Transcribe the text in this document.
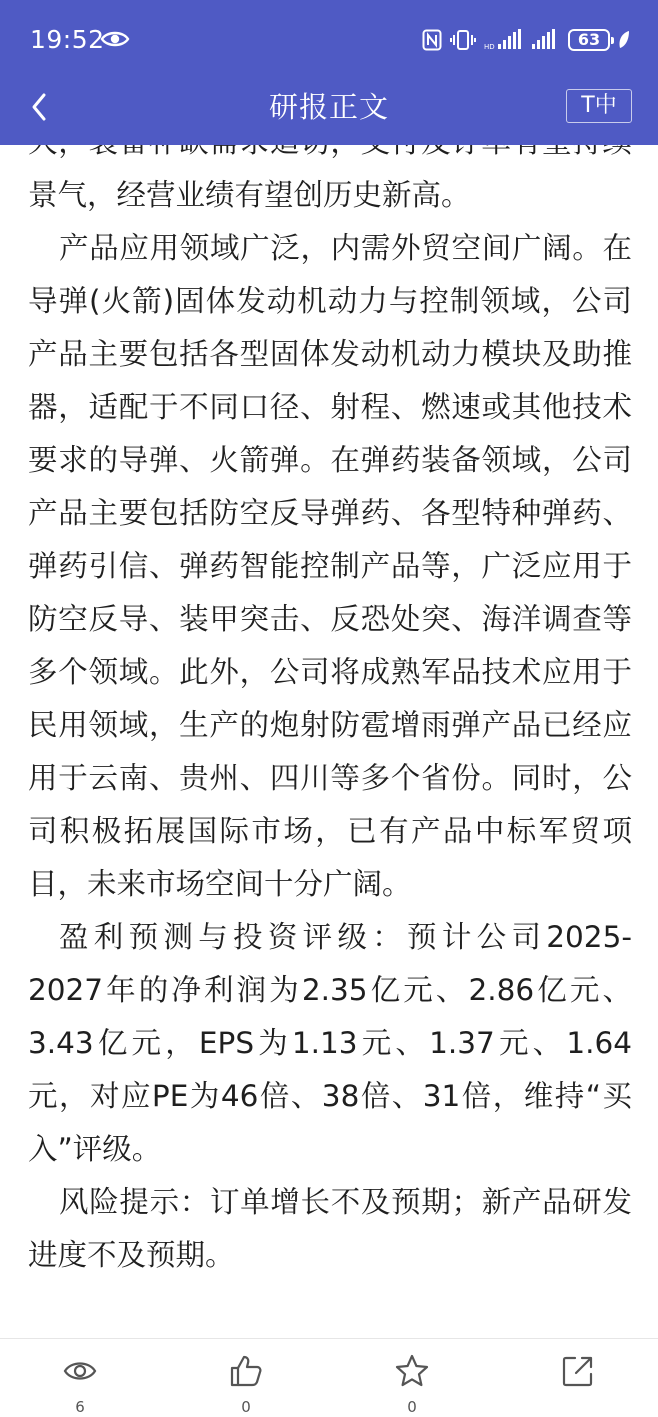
19:52	HD	63
研报正文	T中

景气，经营业绩有望创历史新高。

产品应用领域广泛，内需外贸空间广阔。在导弹(火箭)固体发动机动力与控制领域，公司产品主要包括各型固体发动机动力模块及助推器，适配于不同口径、射程、燃速或其他技术要求的导弹、火箭弹。在弹药装备领域，公司产品主要包括防空反导弹药、各型特种弹药、弹药引信、弹药智能控制产品等，广泛应用于防空反导、装甲突击、反恐处突、海洋调查等多个领域。此外，公司将成熟军品技术应用于民用领域，生产的炮射防雹增雨弹产品已经应用于云南、贵州、四川等多个省份。同时，公司积极拓展国际市场，已有产品中标军贸项目，未来市场空间十分广阔。

盈利预测与投资评级：预计公司2025-2027年的净利润为2.35亿元、2.86亿元、3.43亿元，EPS为1.13元、1.37元、1.64元，对应PE为46倍、38倍、31倍，维持“买入”评级。

风险提示：订单增长不及预期；新产品研发进度不及预期。

6	0	0
